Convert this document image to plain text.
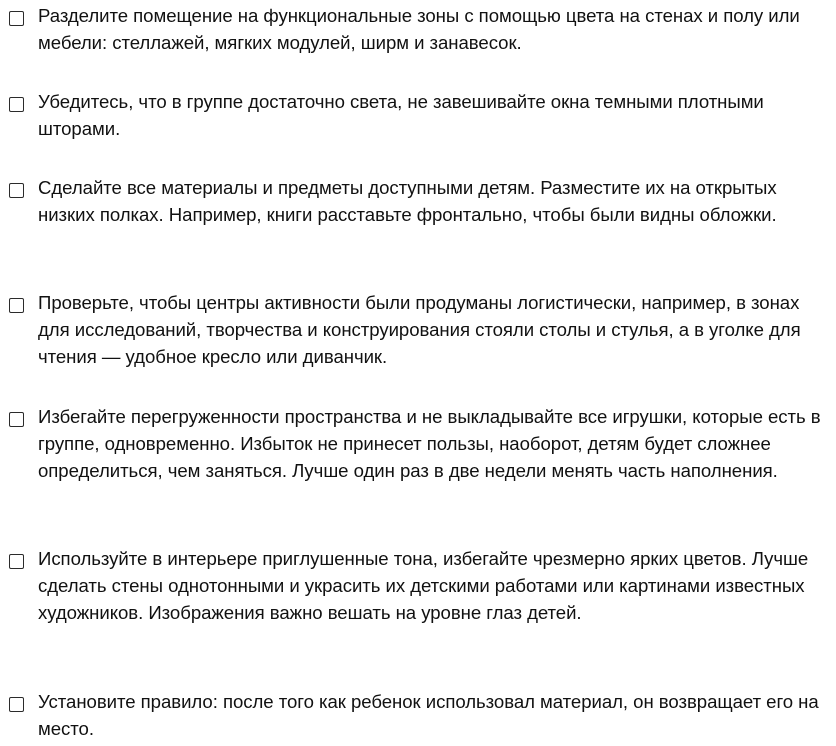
Разделите помещение на функциональные зоны с помощью цвета на стенах и полу или мебели: стеллажей, мягких модулей, ширм и занавесок.
Убедитесь, что в группе достаточно света, не завешивайте окна темными плотными шторами.
Сделайте все материалы и предметы доступными детям. Разместите их на открытых низких полках. Например, книги расставьте фронтально, чтобы были видны обложки.
Проверьте, чтобы центры активности были продуманы логистически, например, в зонах для исследований, творчества и конструирования стояли столы и стулья, а в уголке для чтения — удобное кресло или диванчик.
Избегайте перегруженности пространства и не выкладывайте все игрушки, которые есть в группе, одновременно. Избыток не принесет пользы, наоборот, детям будет сложнее определиться, чем заняться. Лучше один раз в две недели менять часть наполнения.
Используйте в интерьере приглушенные тона, избегайте чрезмерно ярких цветов. Лучше сделать стены однотонными и украсить их детскими работами или картинами известных художников. Изображения важно вешать на уровне глаз детей.
Установите правило: после того как ребенок использовал материал, он возвращает его на место.
